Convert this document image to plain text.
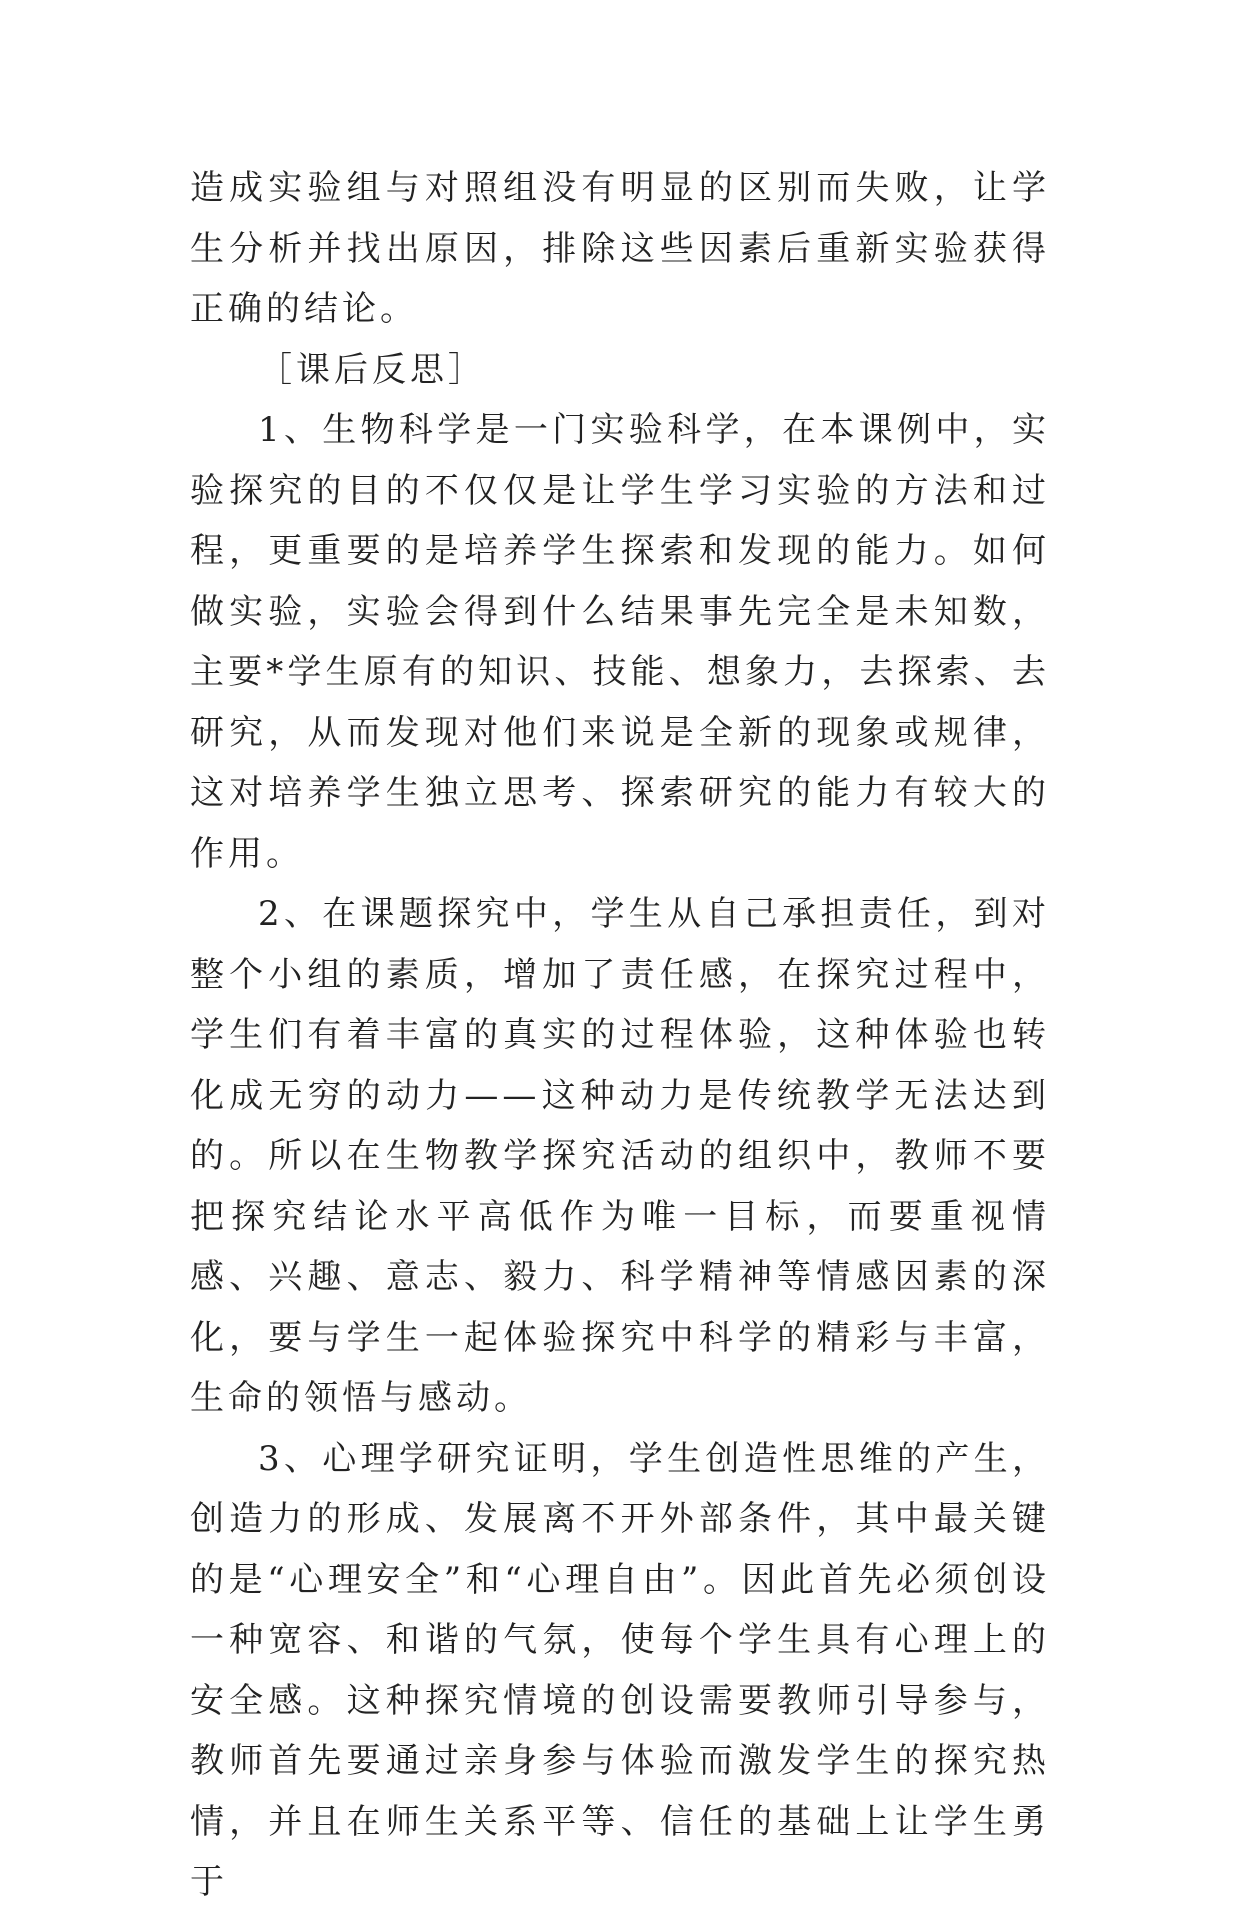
造成实验组与对照组没有明显的区别而失败，让学生分析并找出原因，排除这些因素后重新实验获得正确的结论。

［课后反思］

1、生物科学是一门实验科学，在本课例中，实验探究的目的不仅仅是让学生学习实验的方法和过程，更重要的是培养学生探索和发现的能力。如何做实验，实验会得到什么结果事先完全是未知数，主要*学生原有的知识、技能、想象力，去探索、去研究，从而发现对他们来说是全新的现象或规律，这对培养学生独立思考、探索研究的能力有较大的作用。

2、在课题探究中，学生从自己承担责任，到对整个小组的素质，增加了责任感，在探究过程中，学生们有着丰富的真实的过程体验，这种体验也转化成无穷的动力——这种动力是传统教学无法达到的。所以在生物教学探究活动的组织中，教师不要把探究结论水平高低作为唯一目标，而要重视情感、兴趣、意志、毅力、科学精神等情感因素的深化，要与学生一起体验探究中科学的精彩与丰富，生命的领悟与感动。

3、心理学研究证明，学生创造性思维的产生，创造力的形成、发展离不开外部条件，其中最关键的是“心理安全”和“心理自由”。因此首先必须创设一种宽容、和谐的气氛，使每个学生具有心理上的安全感。这种探究情境的创设需要教师引导参与，教师首先要通过亲身参与体验而激发学生的探究热情，并且在师生关系平等、信任的基础上让学生勇于
